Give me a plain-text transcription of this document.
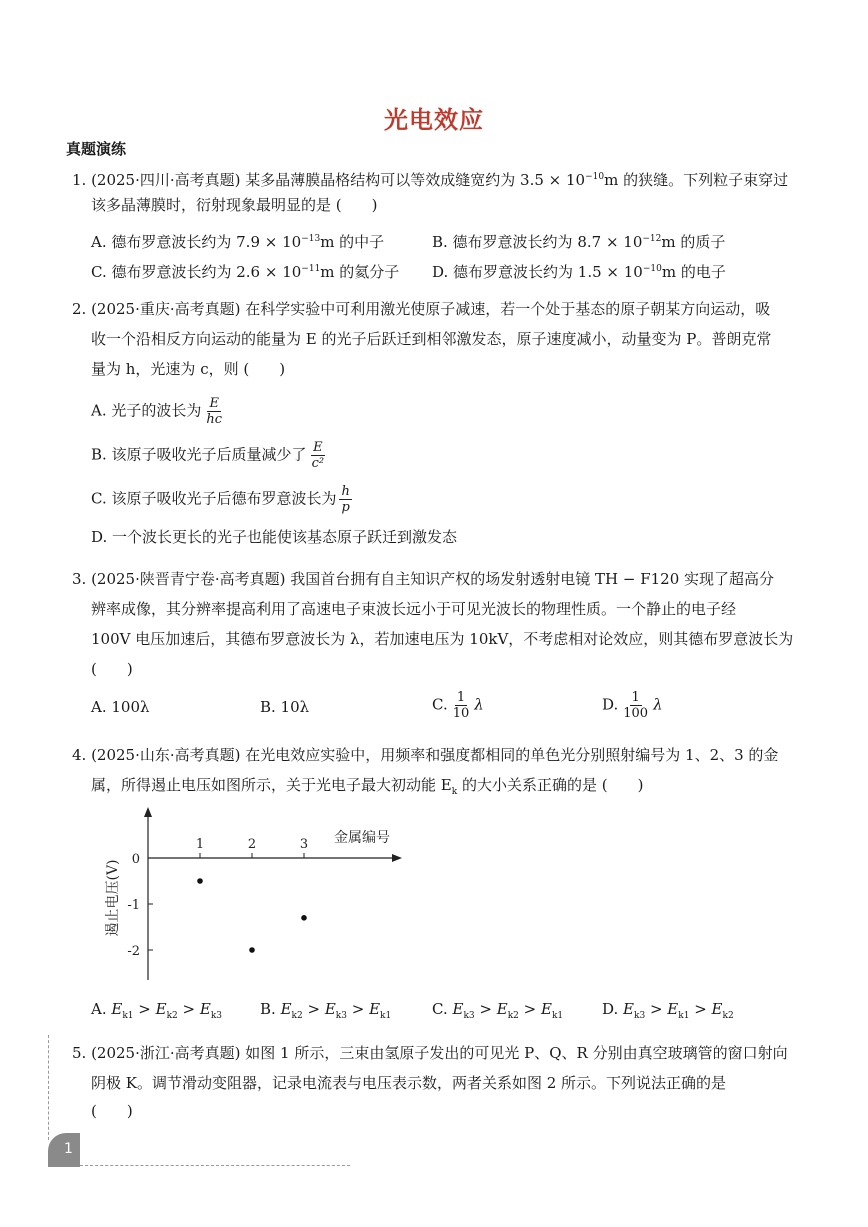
光电效应
真题演练
1. (2025·四川·高考真题) 某多晶薄膜晶格结构可以等效成缝宽约为 $3.5 \times 10^{-10}m$ 的狭缝。下列粒子束穿过
该多晶薄膜时，衍射现象最明显的是 (　　)
A. 德布罗意波长约为 $7.9 \times 10^{-13}m$ 的中子	B. 德布罗意波长约为 $8.7 \times 10^{-12}m$ 的质子
C. 德布罗意波长约为 $2.6 \times 10^{-11}m$ 的氦分子 D. 德布罗意波长约为 $1.5 \times 10^{-10}m$ 的电子
2. (2025·重庆·高考真题) 在科学实验中可利用激光使原子减速，若一个处于基态的原子朝某方向运动，吸
收一个沿相反方向运动的能量为 E 的光子后跃迁到相邻激发态，原子速度减小，动量变为 P。普朗克常
量为 h，光速为 c，则 (　　)
A. 光子的波长为 $\frac{E}{hc}$
B. 该原子吸收光子后质量减少了 $\frac{E}{\text{c²}}$
C. 该原子吸收光子后德布罗意波长为 $\frac{h}{p}$
D. 一个波长更长的光子也能使该基态原子跃迁到激发态
3. (2025·陕晋青宁卷·高考真题) 我国首台拥有自主知识产权的场发射透射电镜 TH − F120 实现了超高分
辨率成像，其分辨率提高利用了高速电子束波长远小于可见光波长的物理性质。一个静止的电子经
100V 电压加速后，其德布罗意波长为 λ，若加速电压为 10kV，不考虑相对论效应，则其德布罗意波长为
(　　)
A. 100λ	B. 10λ	C. $\frac{1}{10}$ λ	D. $\frac{1}{100}$ λ
4. (2025·山东·高考真题) 在光电效应实验中，用频率和强度都相同的单色光分别照射编号为 1、2、3 的金
属，所得遏止电压如图所示，关于光电子最大初动能 $E_k$ 的大小关系正确的是 (　　)
1	2	3
0
-1
-2
金属编号
遏止电压(V)
A. $E_{k1} > E_{k2} > E_{k3}$	B. $E_{k2} > E_{k3} > E_{k1}$	C. $E_{k3} > E_{k2} > E_{k1}$	D. $E_{k3} > E_{k1} > E_{k2}$
5. (2025·浙江·高考真题) 如图 1 所示，三束由氢原子发出的可见光 P、Q、R 分别由真空玻璃管的窗口射向
阴极 K。调节滑动变阻器，记录电流表与电压表示数，两者关系如图 2 所示。下列说法正确的是
(　　)
1
